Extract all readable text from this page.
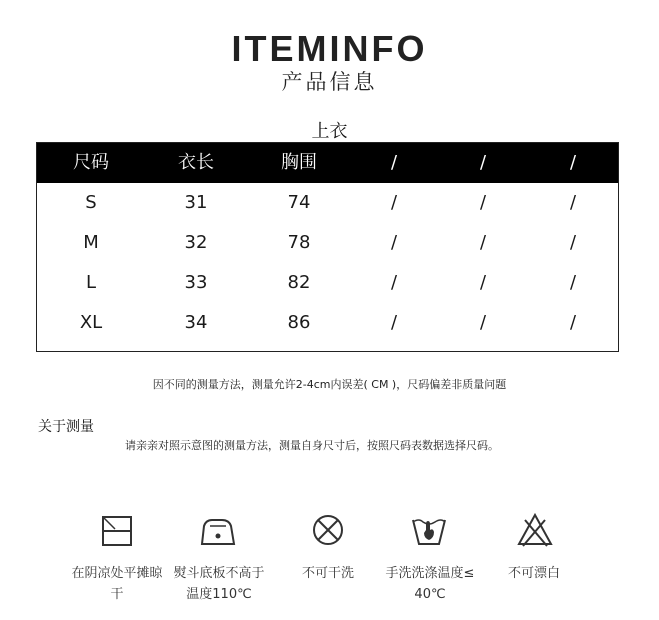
ITEMINFO
产品信息
上衣
尺码	衣长	胸围	/	/	/
S	31	74	/	/	/
M	32	78	/	/	/
L	33	82	/	/	/
XL	34	86	/	/	/
因不同的测量方法，测量允许2-4cm内误差( CM )，尺码偏差非质量问题
关于测量
请亲亲对照示意图的测量方法，测量自身尺寸后，按照尺码表数据选择尺码。
在阴凉处平摊晾
干
熨斗底板不高于
温度110℃
不可干洗	手洗洗涤温度≤
40℃
不可漂白
